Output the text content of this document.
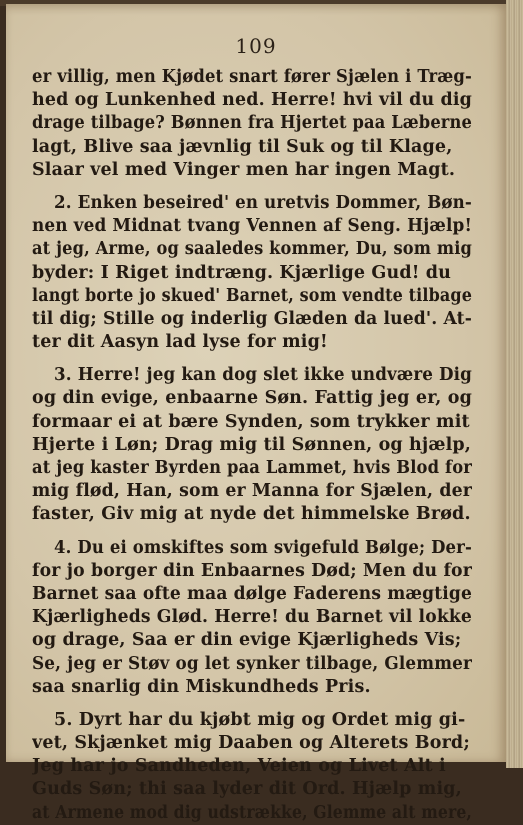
109
er villig, men Kjødet snart fører Sjælen i Træg-
hed og Lunkenhed ned. Herre! hvi vil du dig
drage tilbage? Bønnen fra Hjertet paa Læberne
lagt, Blive saa jævnlig til Suk og til Klage,
Slaar vel med Vinger men har ingen Magt.
2. Enken beseired' en uretvis Dommer, Bøn-
nen ved Midnat tvang Vennen af Seng. Hjælp!
at jeg, Arme, og saaledes kommer, Du, som mig
byder: I Riget indtræng. Kjærlige Gud! du
langt borte jo skued' Barnet, som vendte tilbage
til dig; Stille og inderlig Glæden da lued'. At-
ter dit Aasyn lad lyse for mig!
3. Herre! jeg kan dog slet ikke undvære Dig
og din evige, enbaarne Søn. Fattig jeg er, og
formaar ei at bære Synden, som trykker mit
Hjerte i Løn; Drag mig til Sønnen, og hjælp,
at jeg kaster Byrden paa Lammet, hvis Blod for
mig flød, Han, som er Manna for Sjælen, der
faster, Giv mig at nyde det himmelske Brød.
4. Du ei omskiftes som svigefuld Bølge; Der-
for jo borger din Enbaarnes Død; Men du for
Barnet saa ofte maa dølge Faderens mægtige
Kjærligheds Glød. Herre! du Barnet vil lokke
og drage, Saa er din evige Kjærligheds Vis;
Se, jeg er Støv og let synker tilbage, Glemmer
saa snarlig din Miskundheds Pris.
5. Dyrt har du kjøbt mig og Ordet mig gi-
vet, Skjænket mig Daaben og Alterets Bord;
Jeg har jo Sandheden, Veien og Livet Alt i
Guds Søn; thi saa lyder dit Ord. Hjælp mig,
at Armene mod dig udstrække, Glemme alt mere,
